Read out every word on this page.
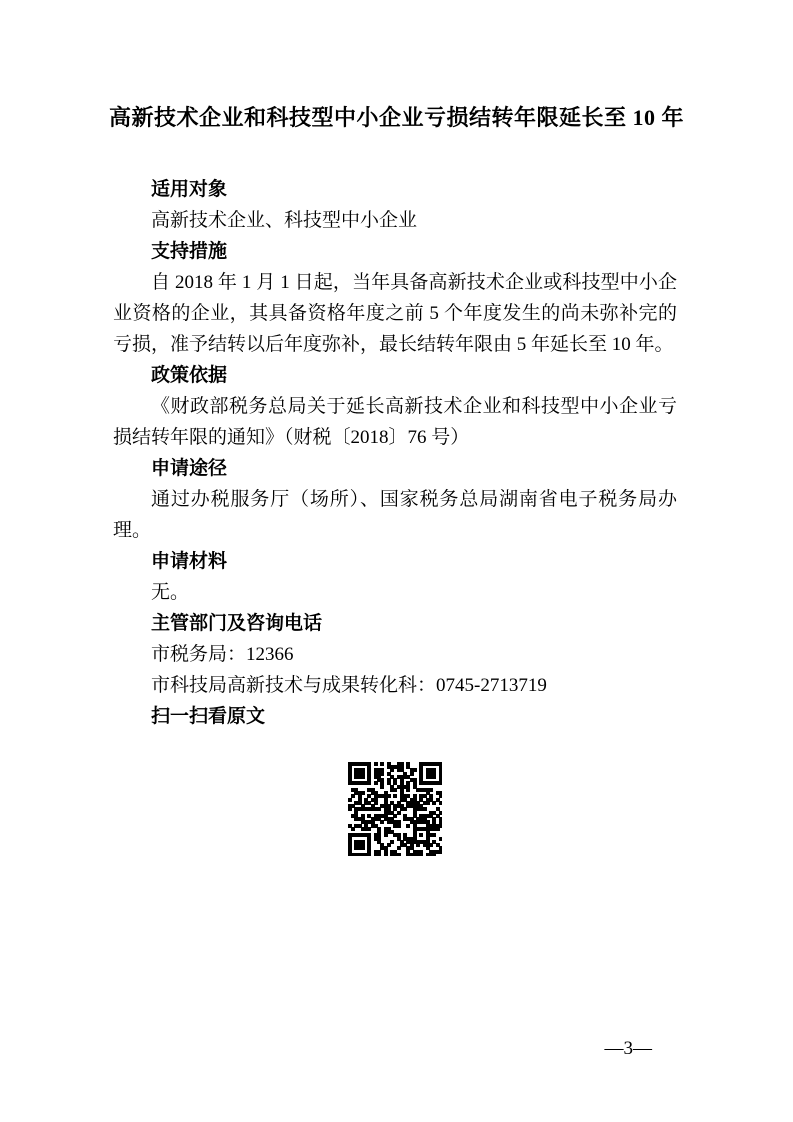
高新技术企业和科技型中小企业亏损结转年限延长至 10 年
适用对象
高新技术企业、科技型中小企业
支持措施
自 2018 年 1 月 1 日起，当年具备高新技术企业或科技型中小企业资格的企业，其具备资格年度之前 5 个年度发生的尚未弥补完的亏损，准予结转以后年度弥补，最长结转年限由 5 年延长至 10 年。
政策依据
《财政部税务总局关于延长高新技术企业和科技型中小企业亏损结转年限的通知》（财税〔2018〕76 号）
申请途径
通过办税服务厅（场所）、国家税务总局湖南省电子税务局办理。
申请材料
无。
主管部门及咨询电话
市税务局：12366
市科技局高新技术与成果转化科：0745-2713719
扫一扫看原文
—3—
